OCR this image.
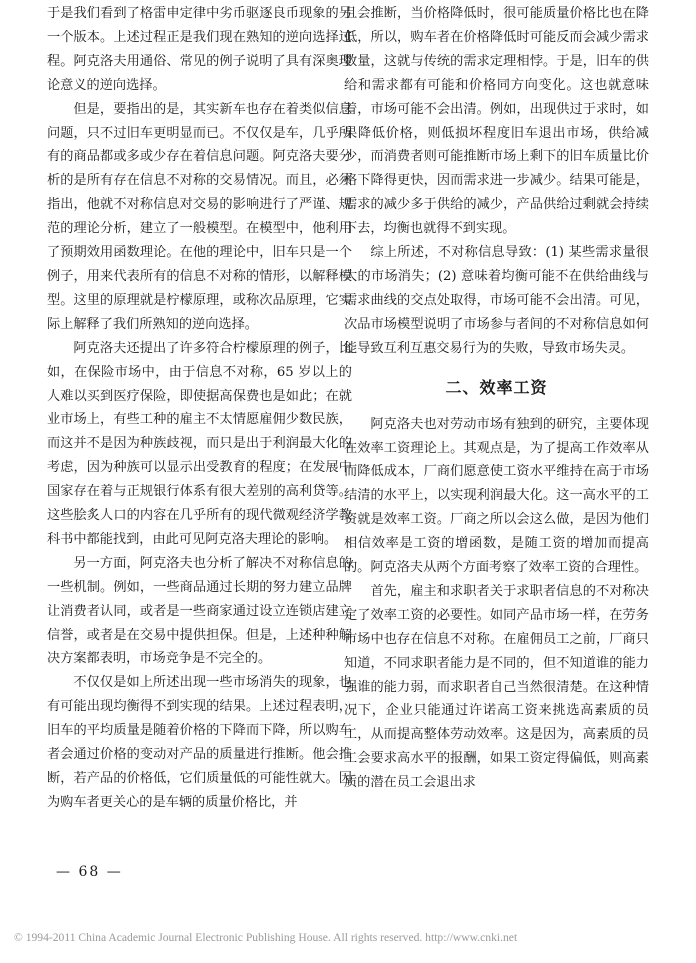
于是我们看到了格雷申定律中劣币驱逐良币现象的另一个版本。上述过程正是我们现在熟知的逆向选择过程。阿克洛夫用通俗、常见的例子说明了具有深奥理论意义的逆向选择。

但是，要指出的是，其实新车也存在着类似信息问题，只不过旧车更明显而已。不仅仅是车，几乎所有的商品都或多或少存在着信息问题。阿克洛夫要分析的是所有存在信息不对称的交易情况。而且，必须指出，他就不对称信息对交易的影响进行了严谨、规范的理论分析，建立了一般模型。在模型中，他利用了预期效用函数理论。在他的理论中，旧车只是一个例子，用来代表所有的信息不对称的情形，以解释模型。这里的原理就是柠檬原理，或称次品原理，它实际上解释了我们所熟知的逆向选择。

阿克洛夫还提出了许多符合柠檬原理的例子，比如，在保险市场中，由于信息不对称，65 岁以上的人难以买到医疗保险，即使据高保费也是如此；在就业市场上，有些工种的雇主不太情愿雇佣少数民族，而这并不是因为种族歧视，而只是出于利润最大化的考虑，因为种族可以显示出受教育的程度；在发展中国家存在着与正规银行体系有很大差别的高利贷等。这些脍炙人口的内容在几乎所有的现代微观经济学教科书中都能找到，由此可见阿克洛夫理论的影响。

另一方面，阿克洛夫也分析了解决不对称信息的一些机制。例如，一些商品通过长期的努力建立品牌让消费者认同，或者是一些商家通过设立连锁店建立信誉，或者是在交易中提供担保。但是，上述种种解决方案都表明，市场竞争是不完全的。

不仅仅是如上所述出现一些市场消失的现象，也有可能出现均衡得不到实现的结果。上述过程表明，旧车的平均质量是随着价格的下降而下降，所以购车者会通过价格的变动对产品的质量进行推断。他会推断，若产品的价格低，它们质量低的可能性就大。因为购车者更关心的是车辆的质量价格比，并

且会推断，当价格降低时，很可能质量价格比也在降低，所以，购车者在价格降低时可能反而会减少需求数量，这就与传统的需求定理相悖。于是，旧车的供给和需求都有可能和价格同方向变化。这也就意味着，市场可能不会出清。例如，出现供过于求时，如果降低价格，则低损坏程度旧车退出市场，供给减少，而消费者则可能推断市场上剩下的旧车质量比价格下降得更快，因而需求进一步减少。结果可能是，需求的减少多于供给的减少，产品供给过剩就会持续下去，均衡也就得不到实现。

综上所述，不对称信息导致：(1) 某些需求量很大的市场消失；(2) 意味着均衡可能不在供给曲线与需求曲线的交点处取得，市场可能不会出清。可见，次品市场模型说明了市场参与者间的不对称信息如何能导致互利互惠交易行为的失败，导致市场失灵。

二、效率工资

阿克洛夫也对劳动市场有独到的研究，主要体现在效率工资理论上。其观点是，为了提高工作效率从而降低成本，厂商们愿意使工资水平维持在高于市场结清的水平上，以实现利润最大化。这一高水平的工资就是效率工资。厂商之所以会这么做，是因为他们相信效率是工资的增函数，是随工资的增加而提高的。阿克洛夫从两个方面考察了效率工资的合理性。

首先，雇主和求职者关于求职者信息的不对称决定了效率工资的必要性。如同产品市场一样，在劳务市场中也存在信息不对称。在雇佣员工之前，厂商只知道，不同求职者能力是不同的，但不知道谁的能力强谁的能力弱，而求职者自己当然很清楚。在这种情况下，企业只能通过许诺高工资来挑选高素质的员工，从而提高整体劳动效率。这是因为，高素质的员工会要求高水平的报酬，如果工资定得偏低，则高素质的潜在员工会退出求

— 68 —
© 1994-2011 China Academic Journal Electronic Publishing House. All rights reserved. http://www.cnki.net
